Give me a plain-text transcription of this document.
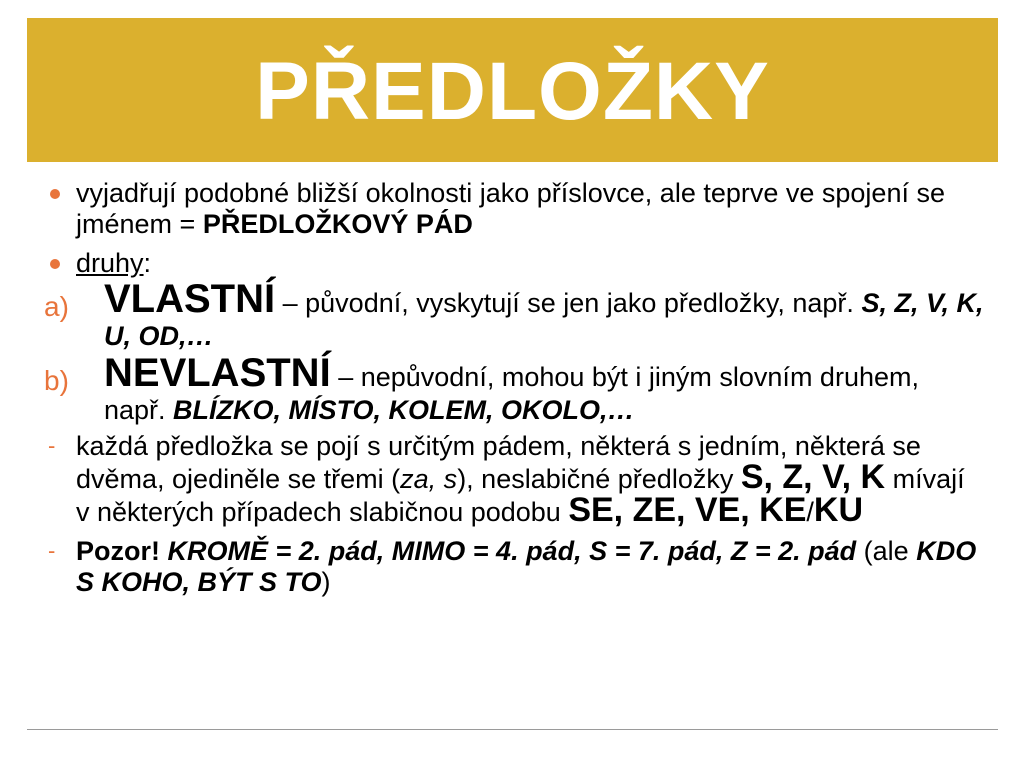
PŘEDLOŽKY
vyjadřují podobné bližší okolnosti jako příslovce, ale teprve ve spojení se jménem = PŘEDLOŽKOVÝ PÁD
druhy:
a) VLASTNÍ – původní, vyskytují se jen jako předložky, např. S, Z, V, K, U, OD,…
b) NEVLASTNÍ – nepůvodní, mohou být i jiným slovním druhem, např. BLÍZKO, MÍSTO, KOLEM, OKOLO,…
- každá předložka se pojí s určitým pádem, některá s jedním, některá se dvěma, ojediněle se třemi (za, s), neslabičné předložky S, Z, V, K mívají v některých případech slabičnou podobu SE, ZE, VE, KE/KU
- Pozor! KROMĚ = 2. pád, MIMO = 4. pád, S = 7. pád, Z = 2. pád (ale KDO S KOHO, BÝT S TO)
